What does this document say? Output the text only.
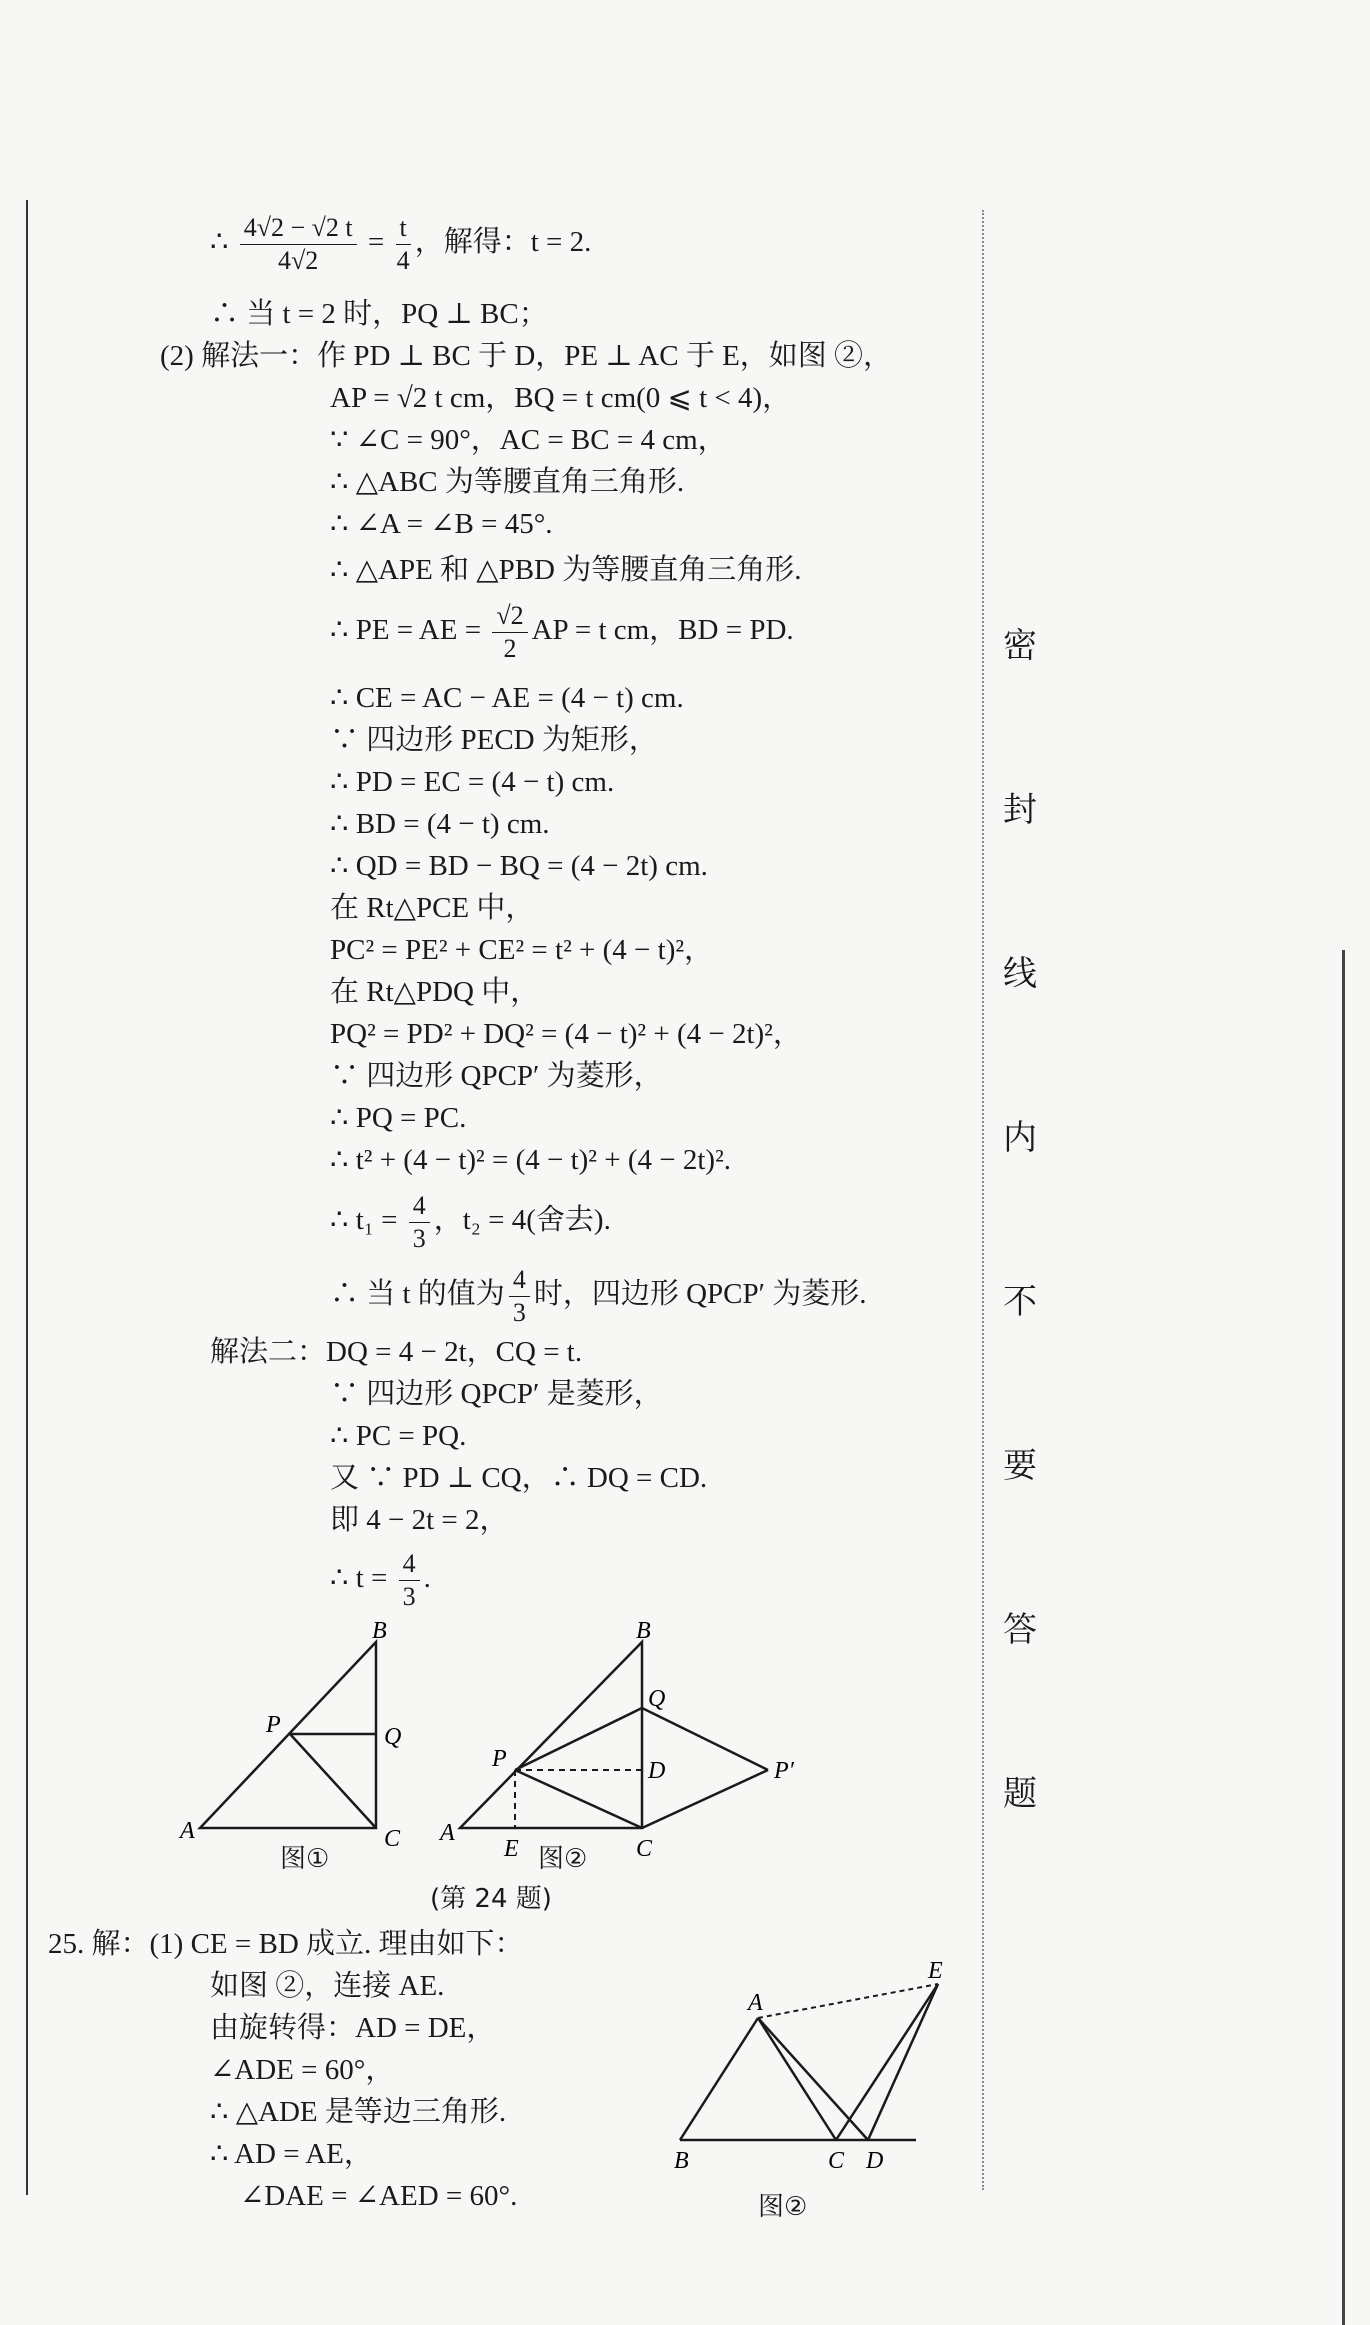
密
封
线
内
不
要
答
题
∴ $\frac{4√2 - √2 t}{4√2} = \frac{t}{4}$ ，解得：t = 2.
∴ 当 t = 2 时，PQ ⊥ BC；
(2) 解法一：作 PD ⊥ BC 于 D，PE ⊥ AC 于 E，如图 ②，
AP = √2 t cm，BQ = t cm(0 ⩽ t < 4)，
∵ ∠C = 90°，AC = BC = 4 cm，
∴ △ABC 为等腰直角三角形.
∴ ∠A = ∠B = 45°.
∴ △APE 和 △PBD 为等腰直角三角形.
∴ PE = AE = $\frac{√2}{2}$ AP = t cm，BD = PD.
∴ CE = AC − AE = (4 − t) cm.
∵ 四边形 PECD 为矩形，
∴ PD = EC = (4 − t) cm.
∴ BD = (4 − t) cm.
∴ QD = BD − BQ = (4 − 2t) cm.
在 Rt△PCE 中，
PC² = PE² + CE² = t² + (4 − t)²，
在 Rt△PDQ 中，
PQ² = PD² + DQ² = (4 − t)² + (4 − 2t)²，
∵ 四边形 QPCP′ 为菱形，
∴ PQ = PC.
∴ t² + (4 − t)² = (4 − t)² + (4 − 2t)².
∴ $t_1 = \frac{4}{3}$ ，t₂ = 4(舍去).
∴ 当 t 的值为 $\frac{4}{3}$ 时，四边形 QPCP′ 为菱形.
解法二：DQ = 4 − 2t，CQ = t.
∵ 四边形 QPCP′ 是菱形，
∴ PC = PQ.
又 ∵ PD ⊥ CQ，∴ DQ = CD.
即 4 − 2t = 2，
∴ $t = \frac{4}{3}$ .
A
B
C
P	Q
图①
A
B
C
D
E
P
Q
P′
图②
(第 24 题)
25. 解：(1) CE = BD 成立. 理由如下：
如图 ②，连接 AE.
由旋转得：AD = DE，
∠ADE = 60°，
∴ △ADE 是等边三角形.
∴ AD = AE，
∠DAE = ∠AED = 60°.
A
B	C D
E
图②
